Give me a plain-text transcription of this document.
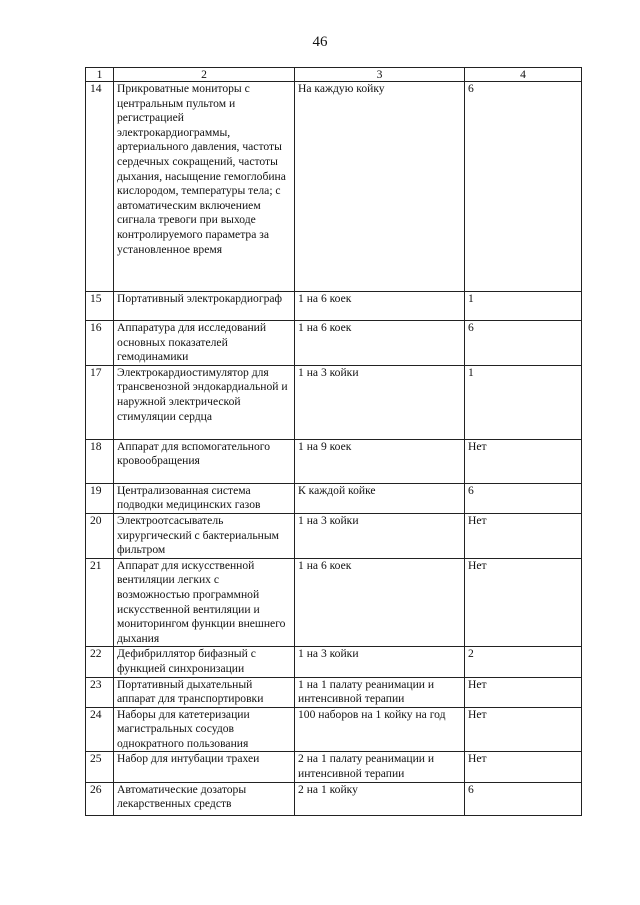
46
1	2	3	4
14	Прикроватные мониторы с центральным пультом и регистрацией электрокардиограммы, артериального давления, частоты сердечных сокращений, частоты дыхания, насыщение гемоглобина кислородом, температуры тела; с автоматическим включением сигнала тревоги при выходе контролируемого параметра за установленное время	На каждую койку	6
15	Портативный электрокардиограф	1 на 6 коек	1
16	Аппаратура для исследований основных показателей гемодинамики	1 на 6 коек	6
17	Электрокардиостимулятор для трансвенозной эндокардиальной и наружной электрической стимуляции сердца	1 на 3 койки	1
18	Аппарат для вспомогательного кровообращения	1 на 9 коек	Нет
19	Централизованная система подводки медицинских газов	К каждой койке	6
20	Электроотсасыватель хирургический с бактериальным фильтром	1 на 3 койки	Нет
21	Аппарат для искусственной вентиляции легких с возможностью программной искусственной вентиляции и мониторингом функции внешнего дыхания	1 на 6 коек	Нет
22	Дефибриллятор бифазный с функцией синхронизации	1 на 3 койки	2
23	Портативный дыхательный аппарат для транспортировки	1 на 1 палату реанимации и интенсивной терапии	Нет
24	Наборы для катетеризации магистральных сосудов однократного пользования	100 наборов на 1 койку на год	Нет
25	Набор для интубации трахеи	2 на 1 палату реанимации и интенсивной терапии	Нет
26	Автоматические дозаторы лекарственных средств	2 на 1 койку	6
